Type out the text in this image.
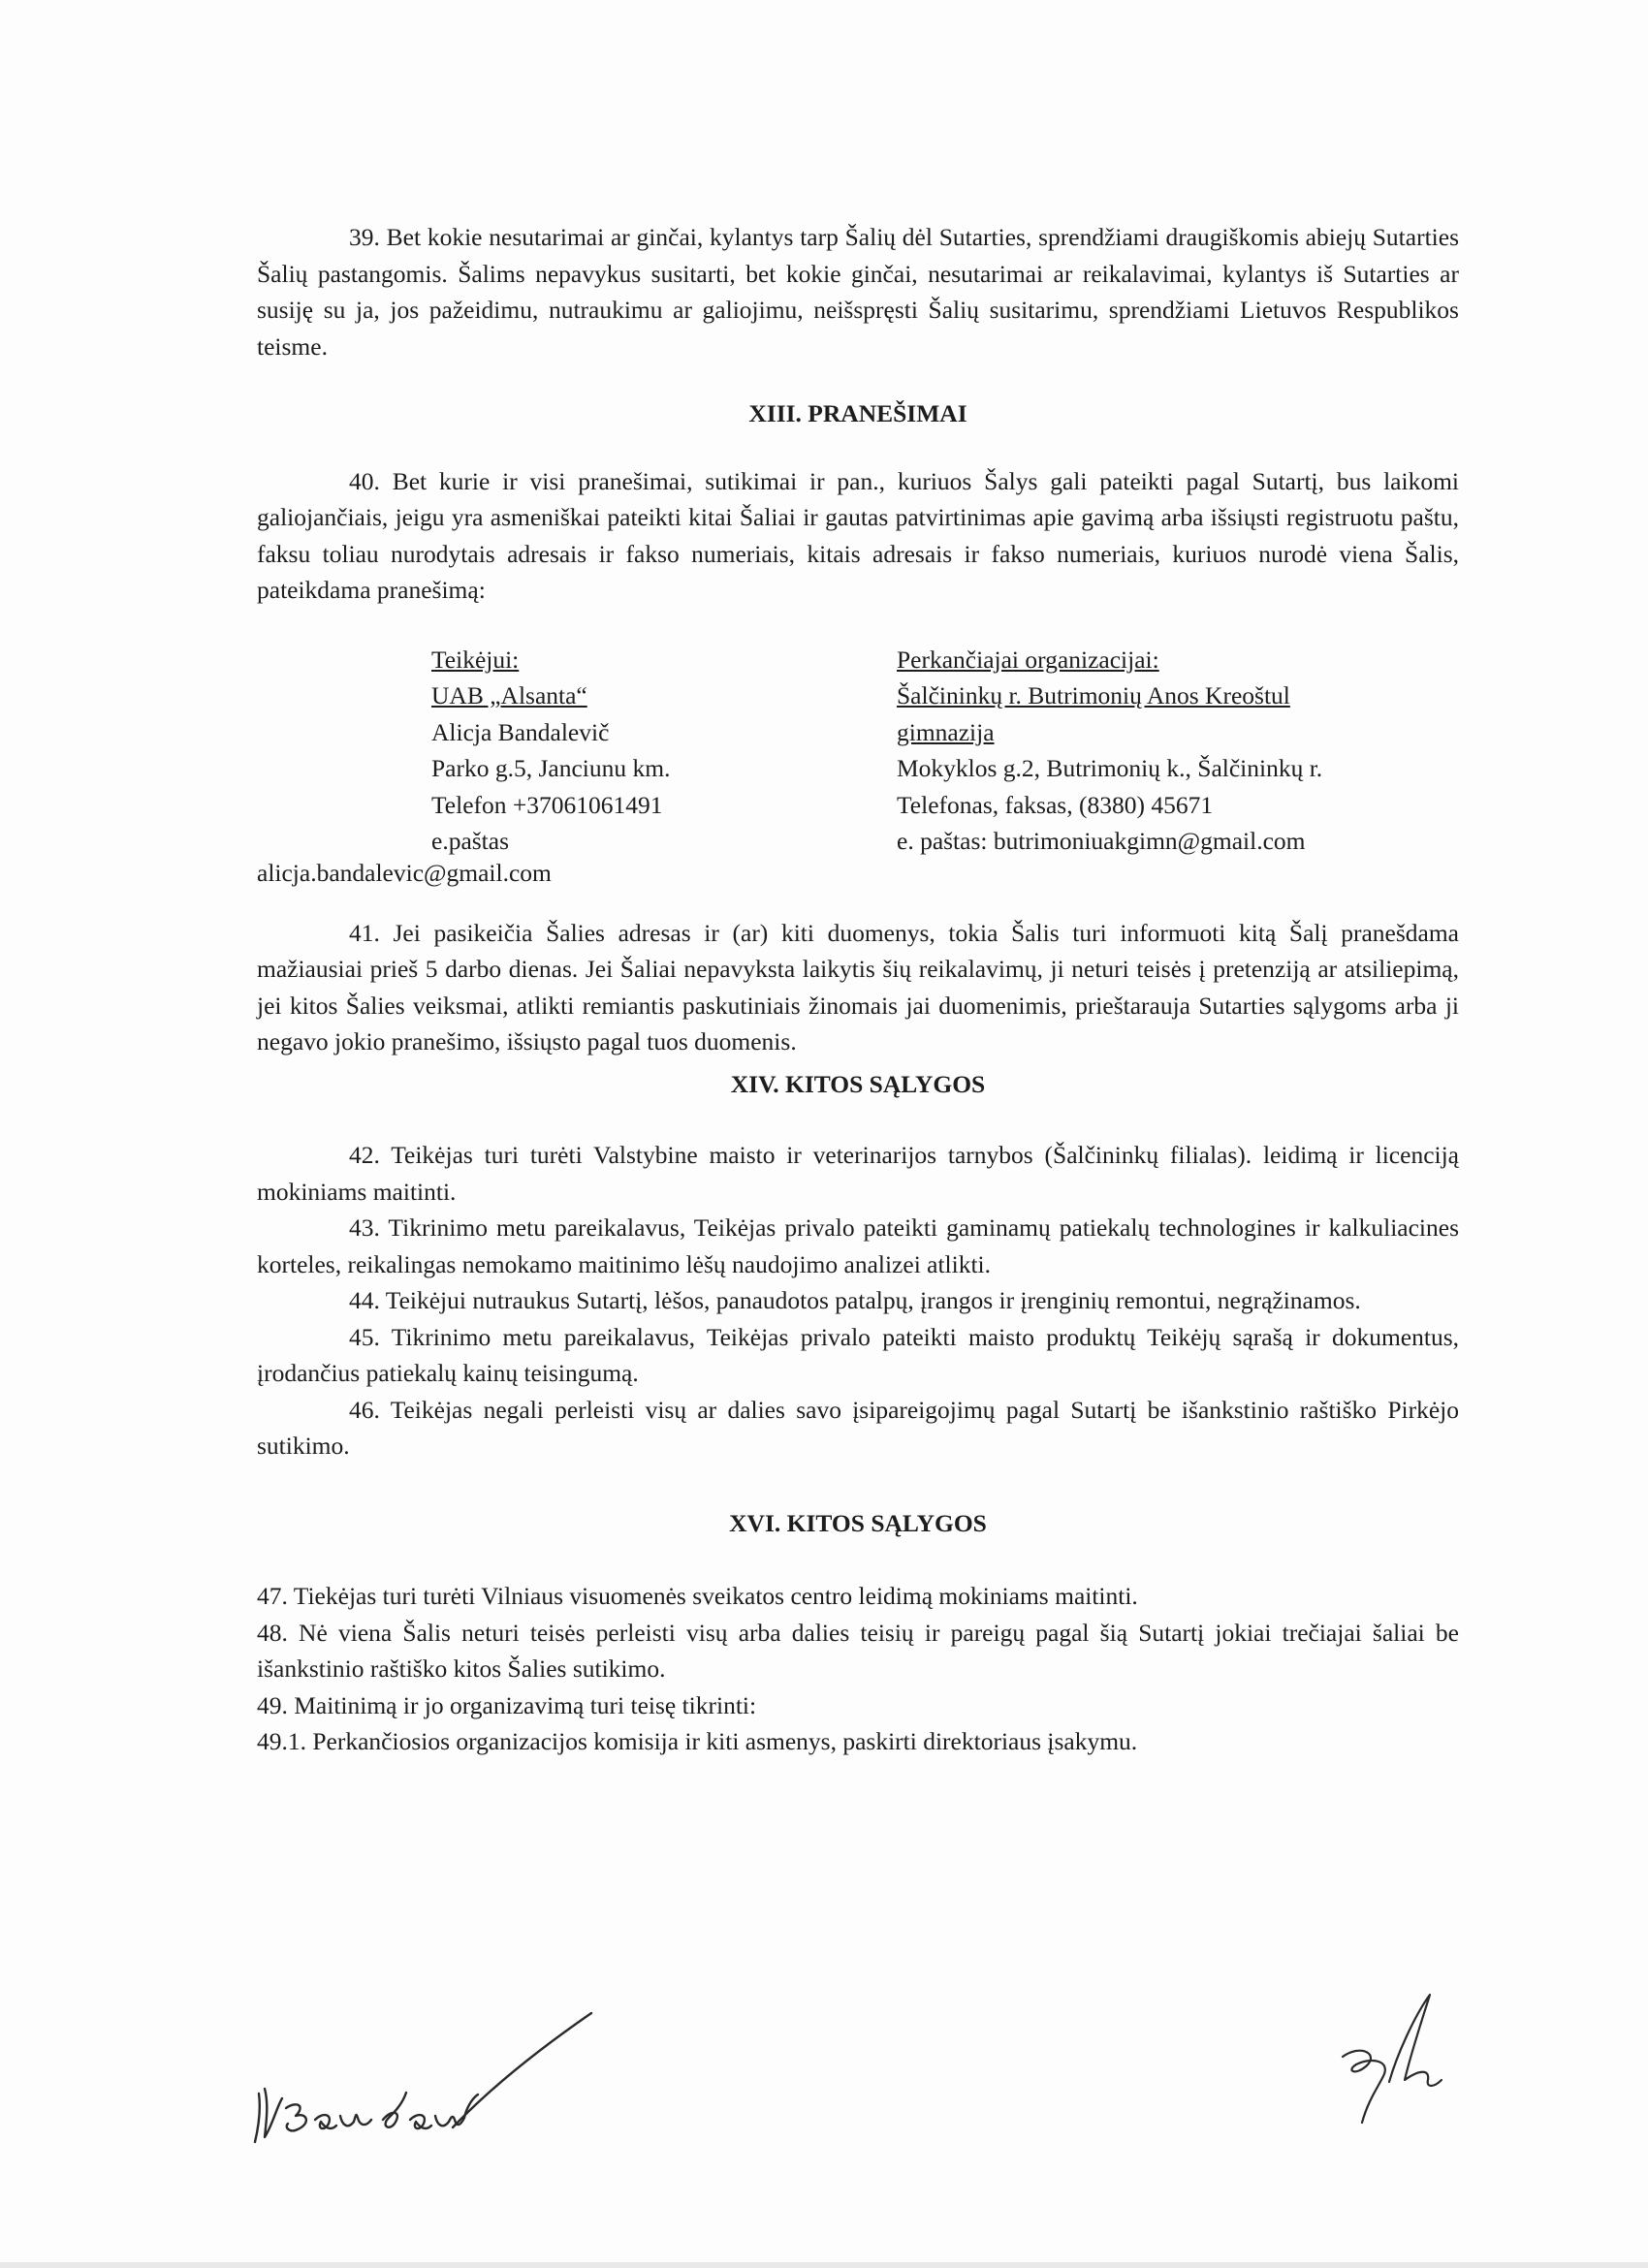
39. Bet kokie nesutarimai ar ginčai, kylantys tarp Šalių dėl Sutarties, sprendžiami draugiškomis abiejų Sutarties Šalių pastangomis. Šalims nepavykus susitarti, bet kokie ginčai, nesutarimai ar reikalavimai, kylantys iš Sutarties ar susiję su ja, jos pažeidimu, nutraukimu ar galiojimu, neišspręsti Šalių susitarimu, sprendžiami Lietuvos Respublikos teisme.

XIII. PRANEŠIMAI

40. Bet kurie ir visi pranešimai, sutikimai ir pan., kuriuos Šalys gali pateikti pagal Sutartį, bus laikomi galiojančiais, jeigu yra asmeniškai pateikti kitai Šaliai ir gautas patvirtinimas apie gavimą arba išsiųsti registruotu paštu, faksu toliau nurodytais adresais ir fakso numeriais, kitais adresais ir fakso numeriais, kuriuos nurodė viena Šalis, pateikdama pranešimą:

Teikėjui:
UAB „Alsanta“
Alicja Bandalevič
Parko g.5, Janciunu km.
Telefon +37061061491
e.paštas
alicja.bandalevic@gmail.com
Perkančiajai organizacijai:
Šalčininkų r. Butrimonių Anos Kreoštul
gimnazija
Mokyklos g.2, Butrimonių k., Šalčininkų r.
Telefonas, faksas, (8380) 45671
e. paštas: butrimoniuakgimn@gmail.com

41. Jei pasikeičia Šalies adresas ir (ar) kiti duomenys, tokia Šalis turi informuoti kitą Šalį pranešdama mažiausiai prieš 5 darbo dienas. Jei Šaliai nepavyksta laikytis šių reikalavimų, ji neturi teisės į pretenziją ar atsiliepimą, jei kitos Šalies veiksmai, atlikti remiantis paskutiniais žinomais jai duomenimis, prieštarauja Sutarties sąlygoms arba ji negavo jokio pranešimo, išsiųsto pagal tuos duomenis.

XIV. KITOS SĄLYGOS

42. Teikėjas turi turėti Valstybine maisto ir veterinarijos tarnybos (Šalčininkų filialas). leidimą ir licenciją mokiniams maitinti.

43. Tikrinimo metu pareikalavus, Teikėjas privalo pateikti gaminamų patiekalų technologines ir kalkuliacines korteles, reikalingas nemokamo maitinimo lėšų naudojimo analizei atlikti.

44. Teikėjui nutraukus Sutartį, lėšos, panaudotos patalpų, įrangos ir įrenginių remontui, negrąžinamos.

45. Tikrinimo metu pareikalavus, Teikėjas privalo pateikti maisto produktų Teikėjų sąrašą ir dokumentus, įrodančius patiekalų kainų teisingumą.

46. Teikėjas negali perleisti visų ar dalies savo įsipareigojimų pagal Sutartį be išankstinio raštiško Pirkėjo sutikimo.

XVI. KITOS SĄLYGOS

47. Tiekėjas turi turėti Vilniaus visuomenės sveikatos centro leidimą mokiniams maitinti.

48. Nė viena Šalis neturi teisės perleisti visų arba dalies teisių ir pareigų pagal šią Sutartį jokiai trečiajai šaliai be išankstinio raštiško kitos Šalies sutikimo.

49. Maitinimą ir jo organizavimą turi teisę tikrinti:

49.1. Perkančiosios organizacijos komisija ir kiti asmenys, paskirti direktoriaus įsakymu.
